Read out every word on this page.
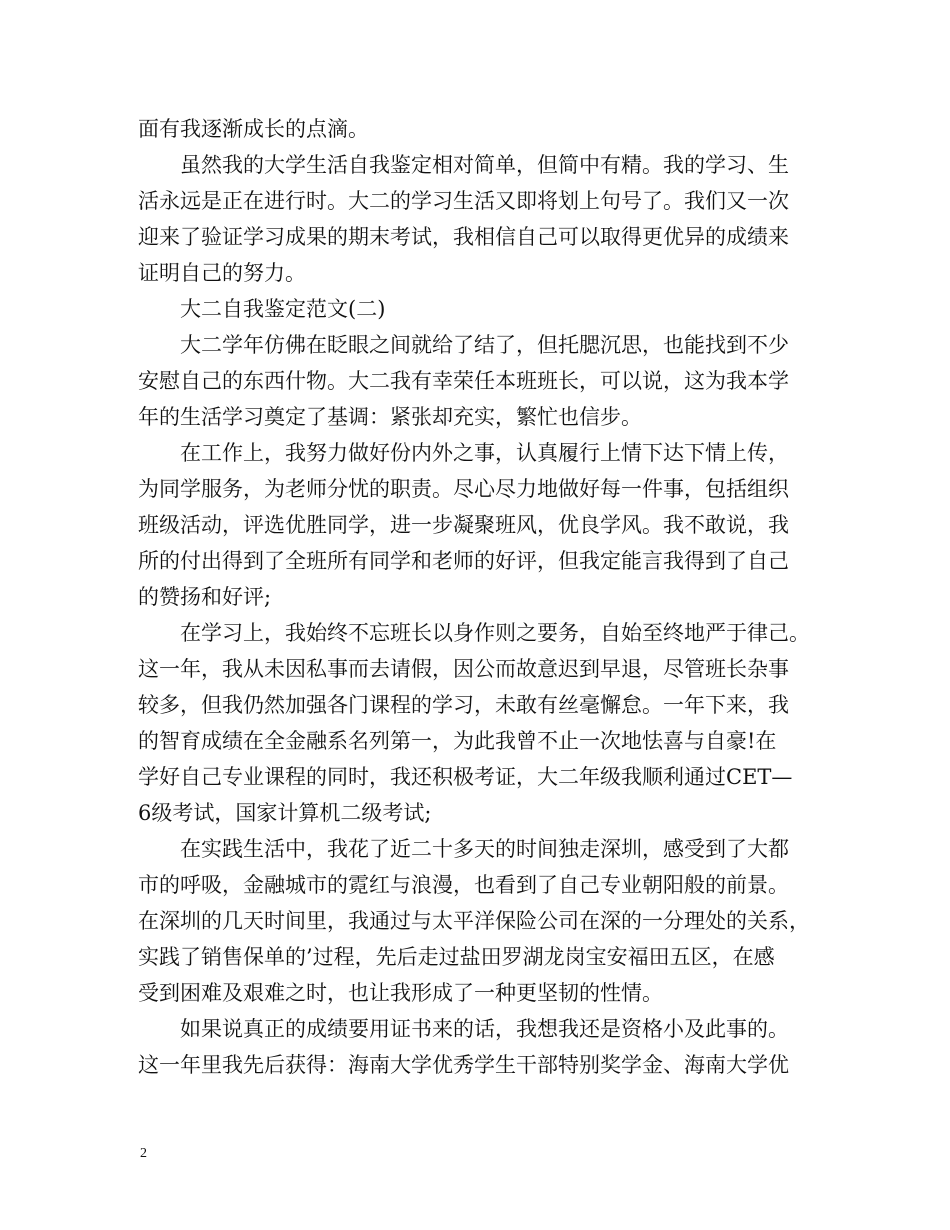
面有我逐渐成长的点滴。
　　虽然我的大学生活自我鉴定相对简单，但简中有精。我的学习、生
活永远是正在进行时。大二的学习生活又即将划上句号了。我们又一次
迎来了验证学习成果的期末考试，我相信自己可以取得更优异的成绩来
证明自己的努力。
　　大二自我鉴定范文(二)
　　大二学年仿佛在眨眼之间就给了结了，但托腮沉思，也能找到不少
安慰自己的东西什物。大二我有幸荣任本班班长，可以说，这为我本学
年的生活学习奠定了基调：紧张却充实，繁忙也信步。
　　在工作上，我努力做好份内外之事，认真履行上情下达下情上传，
为同学服务，为老师分忧的职责。尽心尽力地做好每一件事，包括组织
班级活动，评选优胜同学，进一步凝聚班风，优良学风。我不敢说，我
所的付出得到了全班所有同学和老师的好评，但我定能言我得到了自己
的赞扬和好评;
　　在学习上，我始终不忘班长以身作则之要务，自始至终地严于律己。
这一年，我从未因私事而去请假，因公而故意迟到早退，尽管班长杂事
较多，但我仍然加强各门课程的学习，未敢有丝毫懈怠。一年下来，我
的智育成绩在全金融系名列第一，为此我曾不止一次地怯喜与自豪!在
学好自己专业课程的同时，我还积极考证，大二年级我顺利通过CET—
6级考试，国家计算机二级考试;
　　在实践生活中，我花了近二十多天的时间独走深圳，感受到了大都
市的呼吸，金融城市的霓红与浪漫，也看到了自己专业朝阳般的前景。
在深圳的几天时间里，我通过与太平洋保险公司在深的一分理处的关系，
实践了销售保单的’过程，先后走过盐田罗湖龙岗宝安福田五区，在感
受到困难及艰难之时，也让我形成了一种更坚韧的性情。
　　如果说真正的成绩要用证书来的话，我想我还是资格小及此事的。
这一年里我先后获得：海南大学优秀学生干部特别奖学金、海南大学优
2
